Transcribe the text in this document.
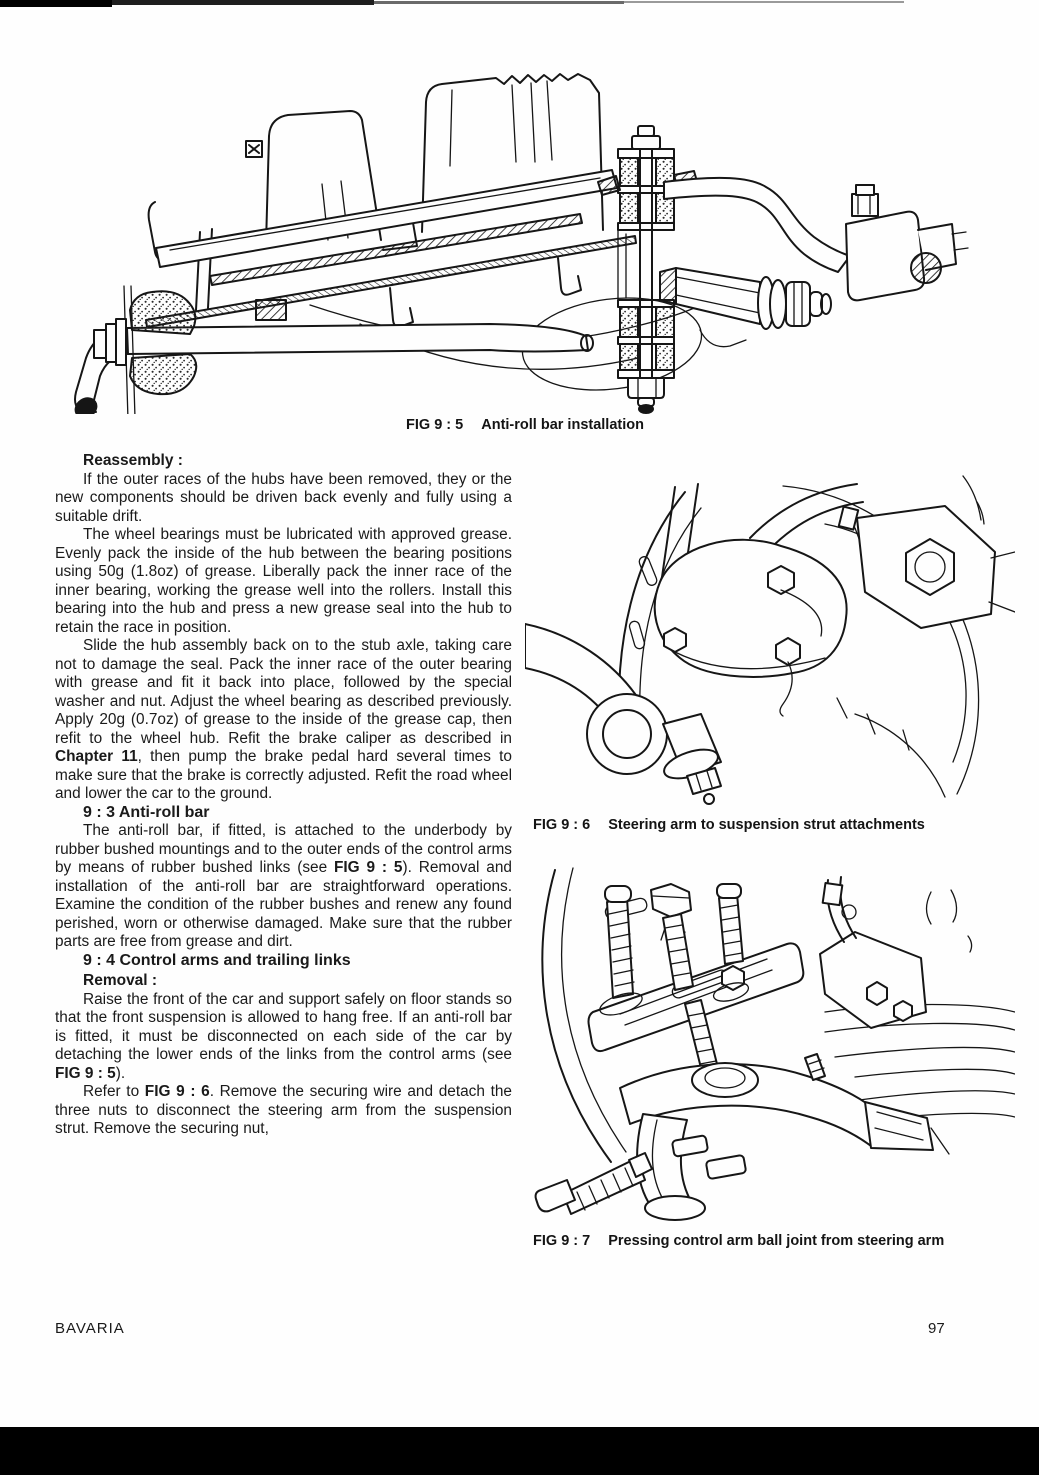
FIG 9 : 5 Anti-roll bar installation

FIG 9 : 6 Steering arm to suspension strut attachments

FIG 9 : 7 Pressing control arm ball joint from steering arm

Reassembly :

If the outer races of the hubs have been removed, they or the new components should be driven back evenly and fully using a suitable drift.

The wheel bearings must be lubricated with approved grease. Evenly pack the inside of the hub between the bearing positions using 50g (1.8oz) of grease. Liberally pack the inner race of the inner bearing, working the grease well into the rollers. Install this bearing into the hub and press a new grease seal into the hub to retain the race in position.

Slide the hub assembly back on to the stub axle, taking care not to damage the seal. Pack the inner race of the outer bearing with grease and fit it back into place, followed by the special washer and nut. Adjust the wheel bearing as described previously. Apply 20g (0.7oz) of grease to the inside of the grease cap, then refit to the wheel hub. Refit the brake caliper as described in Chapter 11, then pump the brake pedal hard several times to make sure that the brake is correctly adjusted. Refit the road wheel and lower the car to the ground.

9 : 3 Anti-roll bar

The anti-roll bar, if fitted, is attached to the underbody by rubber bushed mountings and to the outer ends of the control arms by means of rubber bushed links (see FIG 9 : 5). Removal and installation of the anti-roll bar are straightforward operations. Examine the condition of the rubber bushes and renew any found perished, worn or otherwise damaged. Make sure that the rubber parts are free from grease and dirt.

9 : 4 Control arms and trailing links

Removal :

Raise the front of the car and support safely on floor stands so that the front suspension is allowed to hang free. If an anti-roll bar is fitted, it must be disconnected on each side of the car by detaching the lower ends of the links from the control arms (see FIG 9 : 5).

Refer to FIG 9 : 6. Remove the securing wire and detach the three nuts to disconnect the steering arm from the suspension strut. Remove the securing nut,

BAVARIA	97
